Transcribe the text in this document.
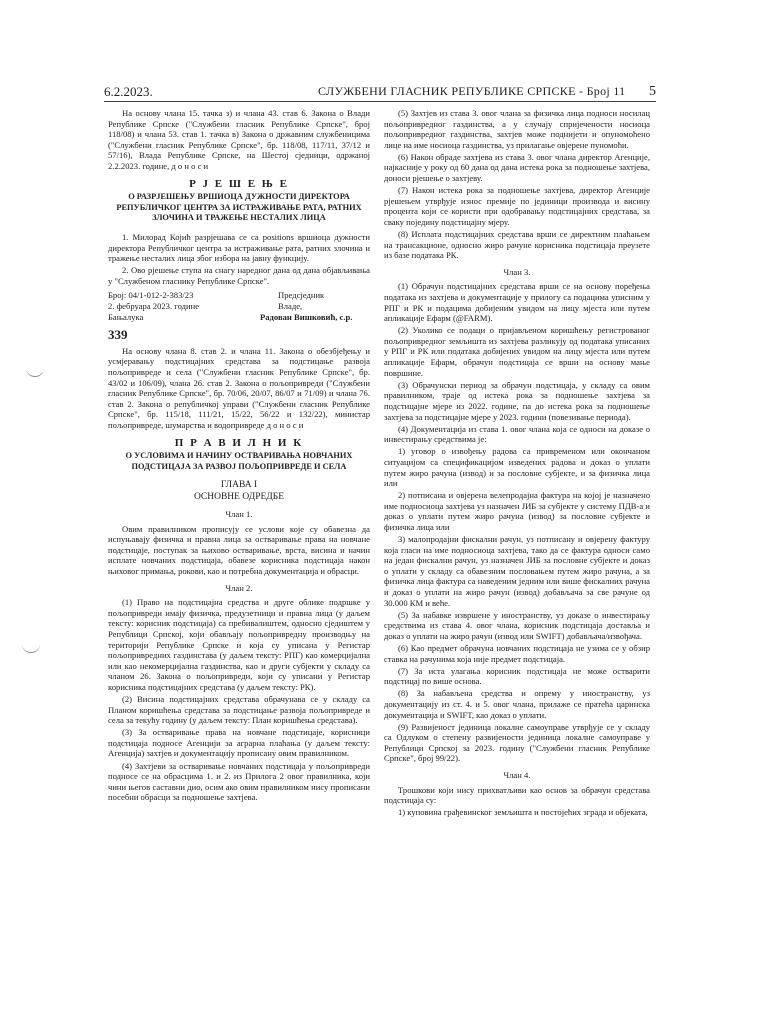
6.2.2023.	СЛУЖБЕНИ ГЛАСНИК РЕПУБЛИКЕ СРПСКЕ - Број 11 5

На основу члана 15. тачка з) и члана 43. став 6. Закона о Влади Републике Српске ("Службени гласник Републике Српске", број 118/08) и члана 53. став 1. тачка в) Закона о државним службеницима ("Службени гласник Републике Српске", бр. 118/08, 117/11, 37/12 и 57/16), Влада Републике Српске, на Шестој сједници, одржаној 2.2.2023. године, д о н о с и

Р Ј Е Ш Е Њ Е

О РАЗРЈЕШЕЊУ ВРШИОЦА ДУЖНОСТИ ДИРЕКТОРА РЕПУБЛИЧКОГ ЦЕНТРА ЗА ИСТРАЖИВАЊЕ РАТА, РАТНИХ ЗЛОЧИНА И ТРАЖЕЊЕ НЕСТАЛИХ ЛИЦА

1. Милорад Којић разрјешава се са positions вршиоца дужности директора Републичког центра за истраживање рата, ратних злочина и тражење несталих лица због избора на јавну функцију.

2. Ово рјешење ступа на снагу наредног дана од дана објављивања у "Службеном гласнику Републике Српске".

Број: 04/1-012-2-383/23	Предсједник

2. фебруара 2023. године	Владе,

Бањалука	Радован Вишковић, с.р.

339

На основу члана 8. став 2. и члана 11. Закона о обезбјеђењу и усмјеравању подстицајних средстава за подстицање развоја пољопривреде и села ("Службени гласник Републике Српске", бр. 43/02 и 106/09), члана 26. став 2. Закона о пољопривреди ("Службени гласник Републике Српске", бр. 70/06, 20/07, 86/07 и 71/09) и члана 76. став 2. Закона о републичкој управи ("Службени гласник Републике Српске", бр. 115/18, 111/21, 15/22, 56/22 и 132/22), министар пољопривреде, шумарства и водопривреде д о н о с и

П Р А В И Л Н И К

О УСЛОВИМА И НАЧИНУ ОСТВАРИВАЊА НОВЧАНИХ ПОДСТИЦАЈА ЗА РАЗВОЈ ПОЉОПРИВРЕДЕ И СЕЛА

ГЛАВА I

ОСНОВНЕ ОДРЕДБЕ

Члан 1.

Овим правилником прописују се услови које су обавезна да испуњавају физичка и правна лица за остваривање права на новчане подстицаје, поступак за њихово остваривање, врста, висина и начин исплате новчаних подстицаја, обавезе корисника подстицаја након њиховог примања, рокови, као и потребна документација и обрасци.

Члан 2.

(1) Право на подстицајна средства и друге облике подршке у пољопривреди имају физичка, предузетници и правна лица (у даљем тексту: корисник подстицаја) са пребивалиштем, односно сједиштем у Републици Српској, који обављају пољопривредну производњу на територији Републике Српске и која су уписана у Регистар пољопривредних газдинстава (у даљем тексту: РПГ) као комерцијална или као некомерцијална газдинства, као и други субјекти у складу са чланом 26. Закона о пољопривреди, који су уписани у Регистар корисника подстицајних средстава (у даљем тексту: РК).

(2) Висина подстицајних средстава обрачунава се у складу са Планом коришћења средстава за подстицање развоја пољопривреде и села за текућу годину (у даљем тексту: План коришћења средстава).

(3) За остваривање права на новчане подстицаје, корисници подстицаја подносе Агенцији за аграрна плаћања (у даљем тексту: Агенција) захтјев и документацију прописану овим правилником.

(4) Захтјеви за остваривање новчаних подстицаја у пољопривреди подносе се на обрасцима 1. и 2. из Прилога 2 овог правилника, који чини његов саставни дио, осим ако овим правилником нису прописани посебни обрасци за подношење захтјева.

(5) Захтјев из става 3. овог члана за физичка лица подноси носилац пољопривредног газдинства, а у случају спријечености носиоца пољопривредног газдинства, захтјев може поднијети и опуномоћено лице на име носиоца газдинства, уз прилагање овјерене пуномоћи.

(6) Након обраде захтјева из става 3. овог члана директор Агенције, најкасније у року од 60 дана од дана истека рока за подношење захтјева, доноси рјешење о захтјеву.

(7) Након истека рока за подношење захтјева, директор Агенције рјешењем утврђује износ премије по јединици производа и висину процента који се користи при одобравању подстицајних средстава, за сваку поједину подстицајну мјеру.

(8) Исплата подстицајних средстава врши се директним плаћањем на трансакционе, односно жиро рачуне корисника подстицаја преузете из базе података РК.

Члан 3.

(1) Обрачун подстицајних средстава врши се на основу поређења података из захтјева и документације у прилогу са подацима уписним у РПГ и РК и подацима добијеним увидом на лицу мјеста или путем апликације Ефарм (@FARM).

(2) Уколико се подаци о пријављеном коришћењу регистрованог пољопривредног земљишта из захтјева разликују од података уписаних у РПГ и РК или података добијених увидом на лицу мјеста или путем апликације Ефарм, обрачун подстицаја се врши на основу мање површине.

(3) Обрачунски период за обрачун подстицаја, у складу са овим правилником, траје од истека рока за подношење захтјева за подстицајне мјере из 2022. године, па до истека рока за подношење захтјева за подстицајне мјере у 2023. години (повезивање периода).

(4) Документација из става 1. овог члана која се односи на доказе о инвестирању средствима је:

1) уговор о извођењу радова са привременом или окончаном ситуацијом са спецификацијом изведених радова и доказ о уплати путем жиро рачуна (извод) и за пословне субјекте, и за физичка лица или

2) потписана и овјерена велепродајна фактура на којој је назначено име подносиоца захтјева уз назначен ЈИБ за субјекте у систему ПДВ-а и доказ о уплати путем жиро рачуна (извод) за пословне субјекте и физичка лица или

3) малопродајни фискални рачун, уз потписану и овјерену фактуру која гласи на име подносиоца захтјева, тако да се фактура односи само на један фискални рачун, уз назначен ЈИБ за пословне субјекте и доказ о уплати у складу са обавезним пословањем путем жиро рачуна, а за физичка лица фактура са наведеним једним или више фискалних рачуна и доказ о уплати на жиро рачун (извод) добављача за све рачуне од 30.000 КМ и веће.

(5) За набавке извршене у иностранству, уз доказе о инвестирању средствима из става 4. овог члана, корисник подстицаја доставља и доказ о уплати на жиро рачун (извод или SWIFT) добављача/извођача.

(6) Као предмет обрачуна новчаних подстицаја не узима се у обзир ставка на рачунима која није предмет подстицаја.

(7) За иста улагања корисник подстицаја не може остварити подстицај по више основа.

(8) За набављена средства и опрему у иностранству, уз документацију из ст. 4. и 5. овог члана, прилаже се пратећа царинска документација и SWIFT, као доказ о уплати.

(9) Развијеност јединица локалне самоуправе утврђује се у складу са Одлуком о степену развијености јединица локалне самоуправе у Републици Српској за 2023. годину ("Службени гласник Републике Српске", број 99/22).

Члан 4.

Трошкови који нису прихватљиви као основ за обрачун средстава подстицаја су:

1) куповина грађевинског земљишта и постојећих зграда и објеката,
